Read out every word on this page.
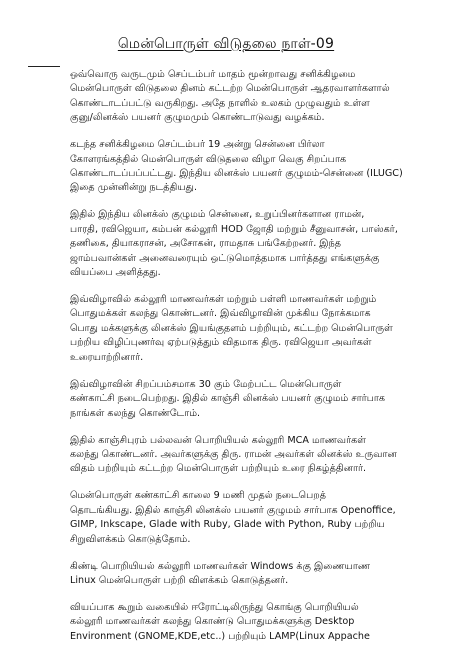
மென்பொருள் விடுதலை நாள்-09

ஒவ்வொரு வருடமும் செப்டம்பர் மாதம் மூன்றாவது சனிக்கிழமை
மென்பொருள் விடுதலை தினம் கட்டற்ற மென்பொருள் ஆதரவாளர்களால்
கொண்டாடப்பட்டு வருகிறது. அதே நாளில் உலகம் முழுவதும் உள்ள
குனு/லினக்ஸ் பயனர் குழுமமும் கொண்டாடுவது வழக்கம்.

கடந்த சனிக்கிழமை செப்டம்பர் 19 அன்று சென்னை பிர்லா
கோளரங்கத்தில் மென்பொருள் விடுதலை விழா வெகு சிறப்பாக
கொண்டாடப்பப்பட்டது. இந்திய லினக்ஸ் பயனர் குழுமம்-சென்னை (ILUGC)
இதை முன்னின்று நடத்தியது.

இதில் இந்திய லினக்ஸ் குழுமம் சென்னை, உறுப்பினர்களான ராமன்,
பாரதி, ரவிஜெயா, கம்பன் கல்லூரி HOD ஜோதி மற்றும் சீனுவாசன், பாஸ்கர்,
தணிகை, தியாகராசன், அசோகன், ராமதாசு பங்கேற்றனர். இந்த
ஜாம்பவான்கள் அனைவரையும் ஒட்டுமொத்தமாக பார்த்தது எங்களுக்கு
வியப்பை அளித்தது.

இவ்விழாவில் கல்லூரி மாணவர்கள் மற்றும் பள்ளி மாணவர்கள் மற்றும்
பொதுமக்கள் கலந்து கொண்டனர். இவ்விழாவின் முக்கிய நோக்கமாக
பொது மக்களுக்கு லினக்ஸ் இயங்குதளம் பற்றியும், கட்டற்ற மென்பொருள்
பற்றிய விழிப்புணர்வு ஏற்படுத்தும் விதமாக திரு. ரவிஜெயா அவர்கள்
உரையாற்றினார்.

இவ்விழாவின் சிறப்பம்சமாக 30 கும் மேற்பட்ட மென்பொருள்
கண்காட்சி நடைபெற்றது. இதில் காஞ்சி லினக்ஸ் பயனர் குழுமம் சார்பாக
நாங்கள் கலந்து கொண்டோம்.

இதில் காஞ்சிபுரம் பல்லவன் பொறியியல் கல்லூரி MCA மாணவர்கள்
கலந்து கொண்டனர். அவர்களுக்கு திரு. ராமன் அவர்கள் லினக்ஸ் உருவான
விதம் பற்றியும் கட்டற்ற மென்பொருள் பற்றியும் உரை நிகழ்த்தினார்.

மென்பொருள் கண்காட்சி காலை 9 மணி முதல் நடைபெறத்
தொடங்கியது. இதில் காஞ்சி லினக்ஸ் பயனர் குழுமம் சார்பாக Openoffice,
GIMP, Inkscape, Glade with Ruby, Glade with Python, Ruby பற்றிய
சிறுவிளக்கம் கொடுத்தோம்.

கிண்டி பொறியியல் கல்லூரி மாணவர்கள் Windows க்கு இணையாண
Linux மென்பொருள் பற்றி விளக்கம் கொடுத்தனர்.

வியப்பாக கூறும் வகையில் ஈரோட்டிலிருந்து கொங்கு பொறியியல்
கல்லூரி மாணவர்கள் கலந்து கொண்டு பொதுமக்களுக்கு Desktop
Environment (GNOME,KDE,etc..) பற்றியும் LAMP(Linux Appache
